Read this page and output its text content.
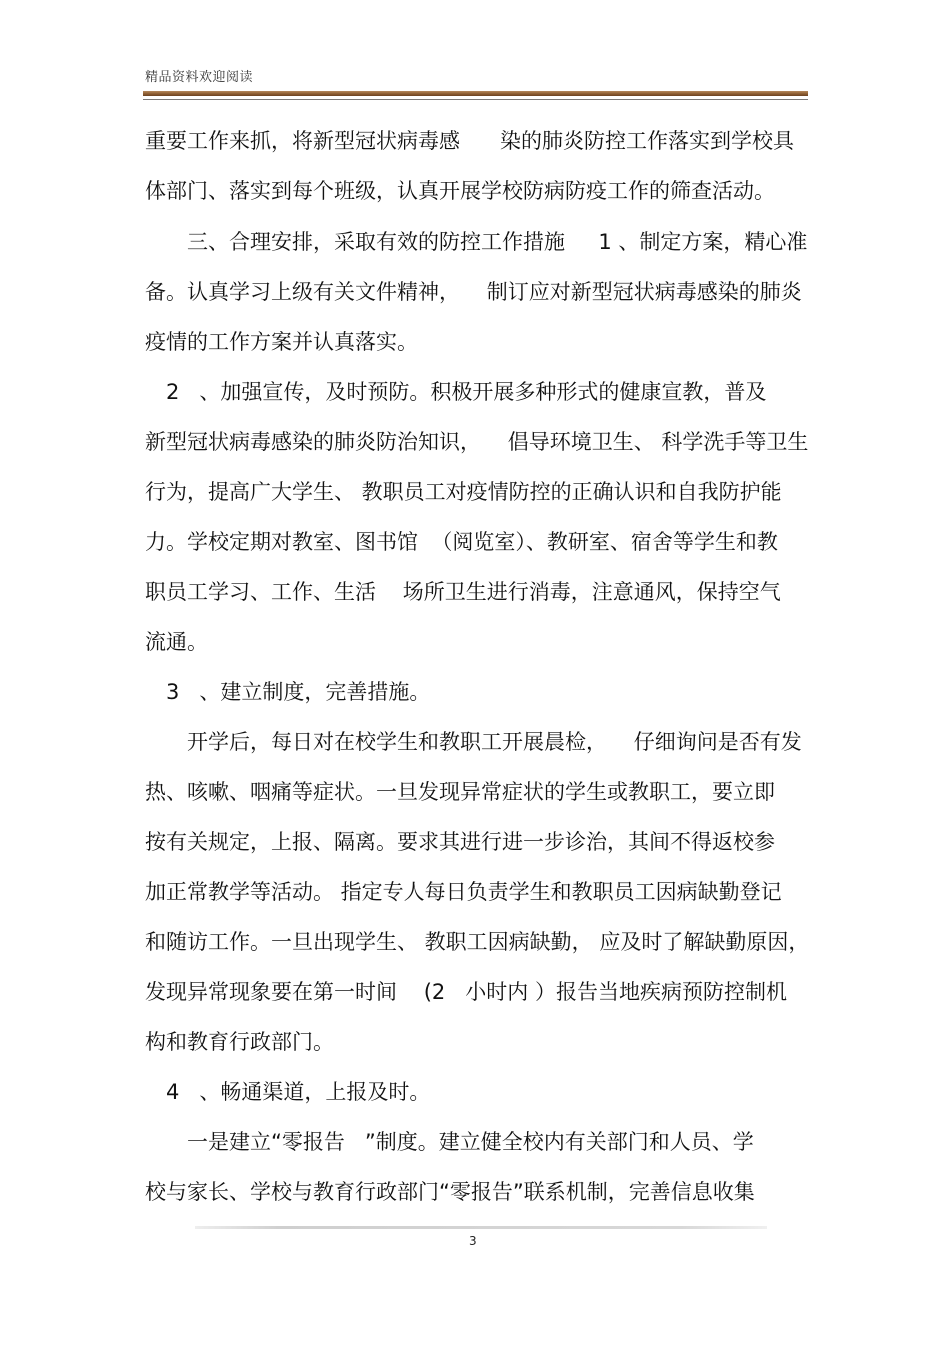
精品资料欢迎阅读
重要工作来抓，将新型冠状病毒感      染的肺炎防控工作落实到学校具
体部门、落实到每个班级，认真开展学校防病防疫工作的筛查活动。
三、合理安排，采取有效的防控工作措施     1 、制定方案，精心准
备。认真学习上级有关文件精神，    制订应对新型冠状病毒感染的肺炎
疫情的工作方案并认真落实。
2   、加强宣传，及时预防。积极开展多种形式的健康宣教，普及
新型冠状病毒感染的肺炎防治知识，    倡导环境卫生、 科学洗手等卫生
行为，提高广大学生、 教职员工对疫情防控的正确认识和自我防护能
力。学校定期对教室、图书馆  （阅览室）、教研室、宿舍等学生和教
职员工学习、工作、生活    场所卫生进行消毒，注意通风，保持空气
流通。
3   、建立制度，完善措施。
开学后，每日对在校学生和教职工开展晨检，    仔细询问是否有发
热、咳嗽、咽痛等症状。一旦发现异常症状的学生或教职工，要立即
按有关规定，上报、隔离。要求其进行进一步诊治，其间不得返校参
加正常教学等活动。 指定专人每日负责学生和教职员工因病缺勤登记
和随访工作。一旦出现学生、 教职工因病缺勤， 应及时了解缺勤原因，
发现异常现象要在第一时间    (2   小时内 ）报告当地疾病预防控制机
构和教育行政部门。
4   、畅通渠道，上报及时。
一是建立“零报告   ”制度。建立健全校内有关部门和人员、学
校与家长、学校与教育行政部门“零报告”联系机制，完善信息收集
3
